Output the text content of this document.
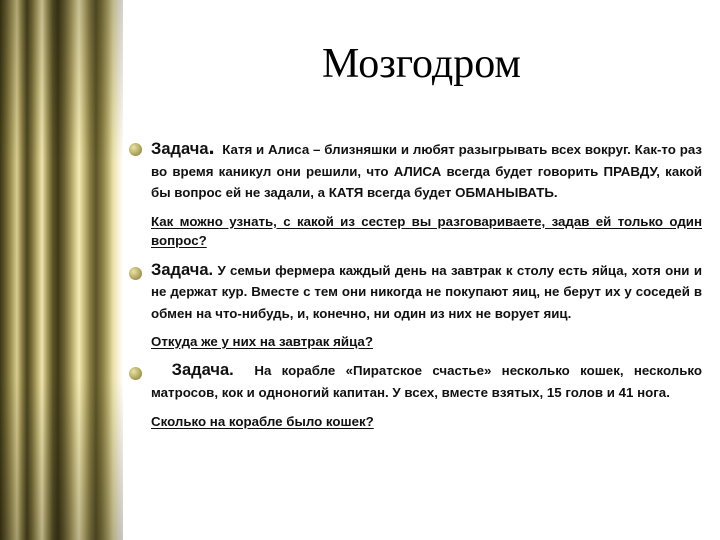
Мозгодром

Задача. Катя и Алиса – близняшки и любят разыгрывать всех вокруг. Как-то раз во время каникул они решили, что АЛИСА всегда будет говорить ПРАВДУ, какой бы вопрос ей не задали, а КАТЯ всегда будет ОБМАНЫВАТЬ.

Как можно узнать, с какой из сестер вы разговариваете, задав ей только один вопрос?

Задача. У семьи фермера каждый день на завтрак к столу есть яйца, хотя они и не держат кур. Вместе с тем они никогда не покупают яиц, не берут их у соседей в обмен на что-нибудь, и, конечно, ни один из них не ворует яиц.

Откуда же у них на завтрак яйца?

Задача. На корабле «Пиратское счастье» несколько кошек, несколько матросов, кок и одноногий капитан. У всех, вместе взятых, 15 голов и 41 нога.

Сколько на корабле было кошек?
